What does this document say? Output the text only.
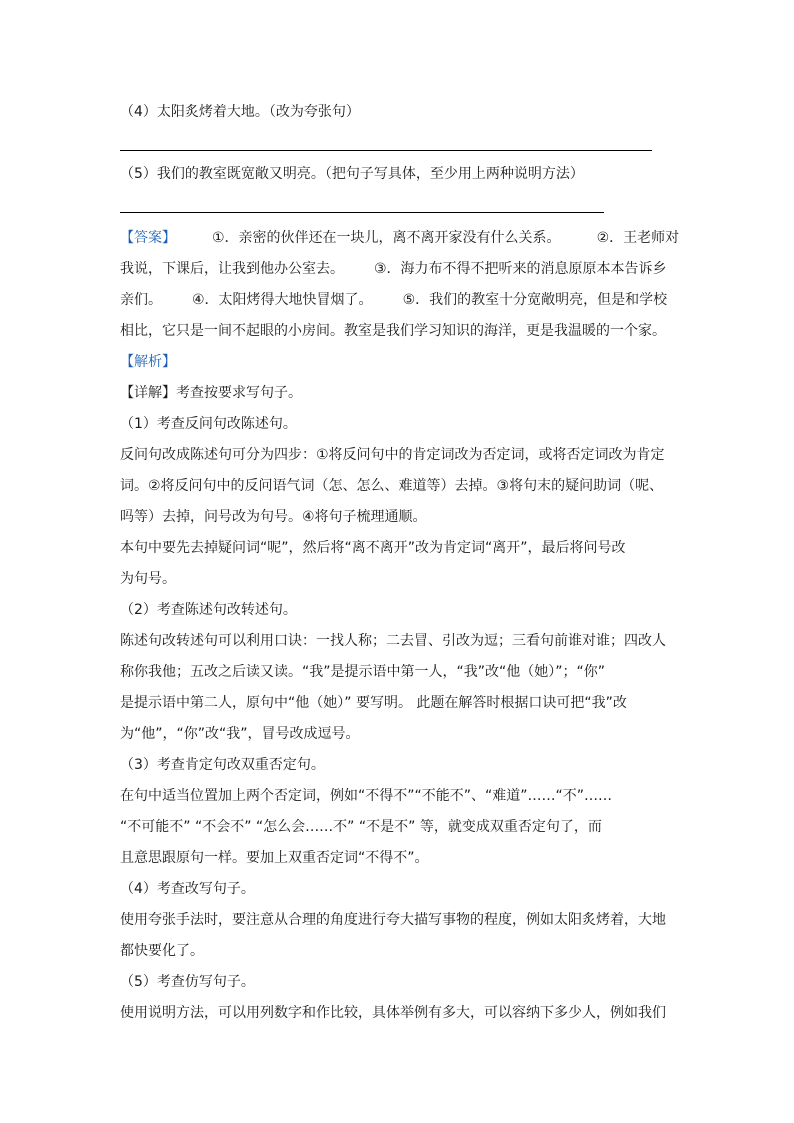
（4）太阳炙烤着大地。（改为夸张句）
（5）我们的教室既宽敞又明亮。（把句子写具体，至少用上两种说明方法）
【答案】	①．亲密的伙伴还在一块儿，离不离开家没有什么关系。	②．王老师对
我说，下课后，让我到他办公室去。 ③．海力布不得不把听来的消息原原本本告诉乡
亲们。 ④．太阳烤得大地快冒烟了。 ⑤．我们的教室十分宽敞明亮，但是和学校
相比，它只是一间不起眼的小房间。教室是我们学习知识的海洋，更是我温暖的一个家。
【解析】
【详解】考查按要求写句子。
（1）考查反问句改陈述句。
反问句改成陈述句可分为四步：①将反问句中的肯定词改为否定词，或将否定词改为肯定
词。②将反问句中的反问语气词（怎、怎么、难道等）去掉。③将句末的疑问助词（呢、
吗等）去掉，问号改为句号。④将句子梳理通顺。
本句中要先去掉疑问词“呢”，然后将“离不离开”改为肯定词“离开”，最后将问号改
为句号。
（2）考查陈述句改转述句。
陈述句改转述句可以利用口诀：一找人称；二去冒、引改为逗；三看句前谁对谁；四改人
称你我他；五改之后读又读。“我”是提示语中第一人，“我”改“他（她）”；“你”
是提示语中第二人，原句中“他（她）” 要写明。 此题在解答时根据口诀可把“我”改
为“他”，“你”改“我”，冒号改成逗号。
（3）考查肯定句改双重否定句。
在句中适当位置加上两个否定词，例如“不得不”“不能不”、“难道”……“不”……
“不可能不” “不会不” “怎么会……不” “不是不” 等，就变成双重否定句了，而
且意思跟原句一样。要加上双重否定词“不得不”。
（4）考查改写句子。
使用夸张手法时，要注意从合理的角度进行夸大描写事物的程度，例如太阳炙烤着，大地
都快要化了。
（5）考查仿写句子。
使用说明方法，可以用列数字和作比较，具体举例有多大，可以容纳下多少人，例如我们
